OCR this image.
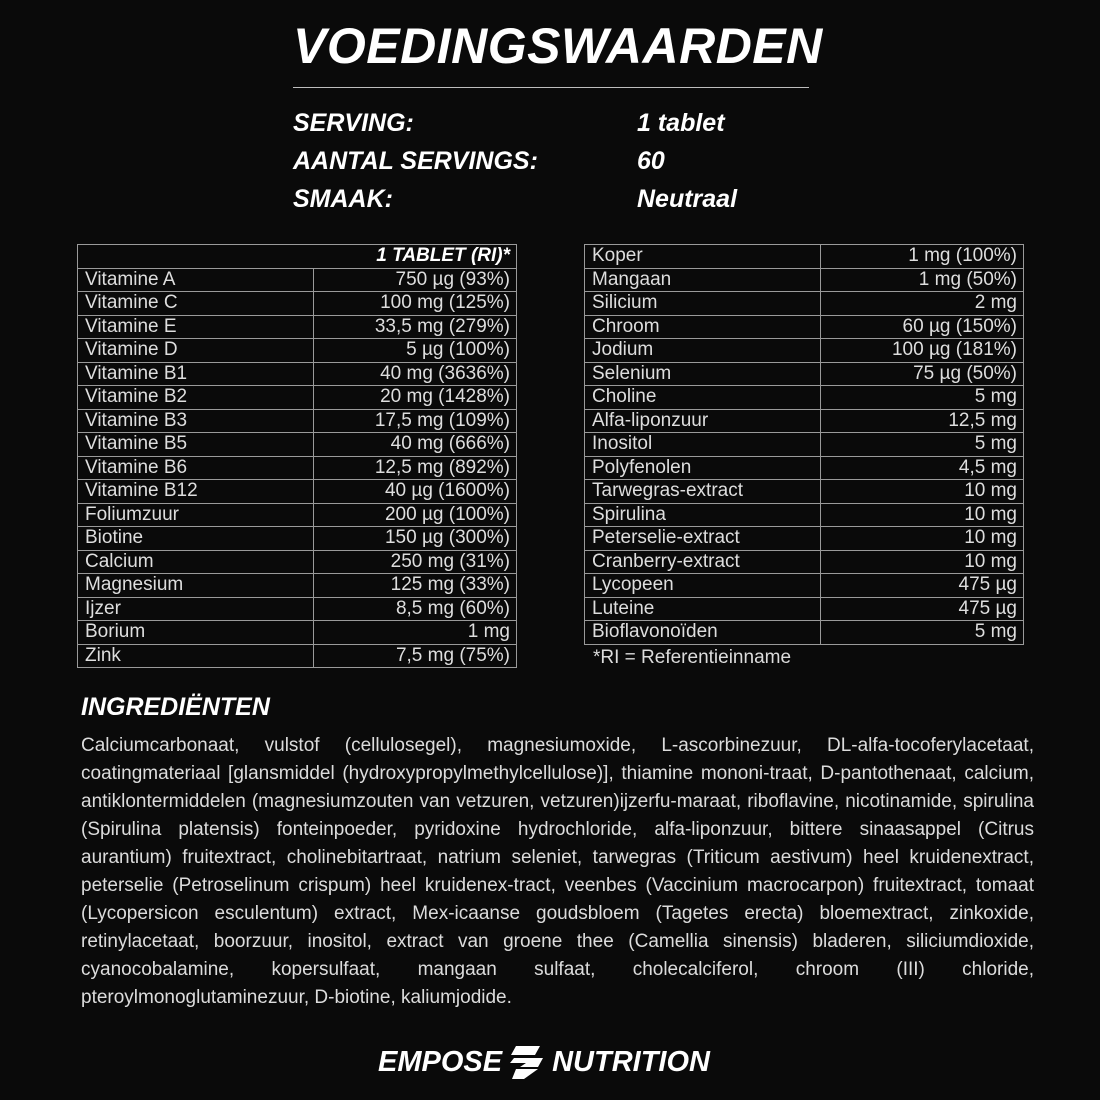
VOEDINGSWAARDEN
SERVING:	1 tablet
AANTAL SERVINGS:	60
SMAAK:	Neutraal
	1 TABLET (RI)*
Vitamine A	750 µg (93%)
Vitamine C	100 mg (125%)
Vitamine E	33,5 mg (279%)
Vitamine D	5 µg (100%)
Vitamine B1	40 mg (3636%)
Vitamine B2	20 mg (1428%)
Vitamine B3	17,5 mg (109%)
Vitamine B5	40 mg (666%)
Vitamine B6	12,5 mg (892%)
Vitamine B12	40 µg (1600%)
Foliumzuur	200 µg (100%)
Biotine	150 µg (300%)
Calcium	250 mg (31%)
Magnesium	125 mg (33%)
Ijzer	8,5 mg (60%)
Borium	1 mg
Zink	7,5 mg (75%)
Koper	1 mg (100%)
Mangaan	1 mg (50%)
Silicium	2 mg
Chroom	60 µg (150%)
Jodium	100 µg (181%)
Selenium	75 µg (50%)
Choline	5 mg
Alfa-liponzuur	12,5 mg
Inositol	5 mg
Polyfenolen	4,5 mg
Tarwegras-extract	10 mg
Spirulina	10 mg
Peterselie-extract	10 mg
Cranberry-extract	10 mg
Lycopeen	475 µg
Luteine	475 µg
Bioflavonoïden	5 mg
*RI = Referentieinname
INGREDIËNTEN

Calciumcarbonaat, vulstof (cellulosegel), magnesiumoxide, L-ascorbinezuur, DL-alfa-tocoferylacetaat, coatingmateriaal [glansmiddel (hydroxypropylmethylcellulose)], thiamine mononi-traat, D-pantothenaat, calcium, antiklontermiddelen (magnesiumzouten van vetzuren, vetzuren)ijzerfu-maraat, riboflavine, nicotinamide, spirulina (Spirulina platensis) fonteinpoeder, pyridoxine hydrochloride, alfa-liponzuur, bittere sinaasappel (Citrus aurantium) fruitextract, cholinebitartraat, natrium seleniet, tarwegras (Triticum aestivum) heel kruidenextract, peterselie (Petroselinum crispum) heel kruidenex-tract, veenbes (Vaccinium macrocarpon) fruitextract, tomaat (Lycopersicon esculentum) extract, Mex-icaanse goudsbloem (Tagetes erecta) bloemextract, zinkoxide, retinylacetaat, boorzuur, inositol, extract van groene thee (Camellia sinensis) bladeren, siliciumdioxide, cyanocobalamine, kopersulfaat, mangaan sulfaat, cholecalciferol, chroom (III) chloride, pteroylmonoglutaminezuur, D-biotine, kaliumjodide.

EMPOSE NUTRITION
